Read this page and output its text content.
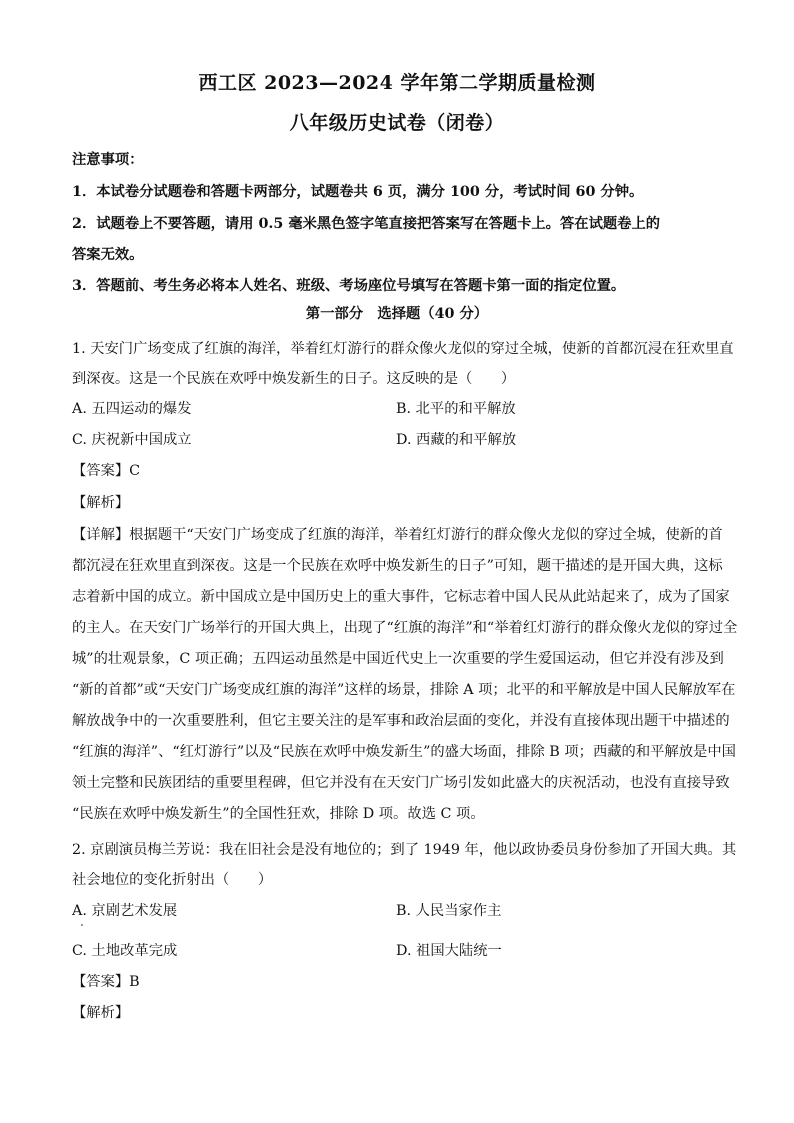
西工区 2023—2024 学年第二学期质量检测
八年级历史试卷（闭卷）
注意事项：
1．本试卷分试题卷和答题卡两部分，试题卷共 6 页，满分 100 分，考试时间 60 分钟。
2．试题卷上不要答题，请用 0.5 毫米黑色签字笔直接把答案写在答题卡上。答在试题卷上的
答案无效。
3．答题前、考生务必将本人姓名、班级、考场座位号填写在答题卡第一面的指定位置。
第一部分　选择题（40 分）
1. 天安门广场变成了红旗的海洋，举着红灯游行的群众像火龙似的穿过全城，使新的首都沉浸在狂欢里直
到深夜。这是一个民族在欢呼中焕发新生的日子。这反映的是（　　）
A. 五四运动的爆发	B. 北平的和平解放
C. 庆祝新中国成立	D. 西藏的和平解放
【答案】C
【解析】
【详解】根据题干“天安门广场变成了红旗的海洋，举着红灯游行的群众像火龙似的穿过全城，使新的首
都沉浸在狂欢里直到深夜。这是一个民族在欢呼中焕发新生的日子”可知，题干描述的是开国大典，这标
志着新中国的成立。新中国成立是中国历史上的重大事件，它标志着中国人民从此站起来了，成为了国家
的主人。在天安门广场举行的开国大典上，出现了“红旗的海洋”和“举着红灯游行的群众像火龙似的穿过全
城”的壮观景象，C 项正确；五四运动虽然是中国近代史上一次重要的学生爱国运动，但它并没有涉及到
“新的首都”或“天安门广场变成红旗的海洋”这样的场景，排除 A 项；北平的和平解放是中国人民解放军在
解放战争中的一次重要胜利，但它主要关注的是军事和政治层面的变化，并没有直接体现出题干中描述的
“红旗的海洋”、“红灯游行”以及“民族在欢呼中焕发新生”的盛大场面，排除 B 项；西藏的和平解放是中国
领土完整和民族团结的重要里程碑，但它并没有在天安门广场引发如此盛大的庆祝活动，也没有直接导致
“民族在欢呼中焕发新生”的全国性狂欢，排除 D 项。故选 C 项。
2. 京剧演员梅兰芳说：我在旧社会是没有地位的；到了 1949 年，他以政协委员身份参加了开国大典。其
社会地位的变化折射出（　　）
A. 京剧艺术发展	B. 人民当家作主
C. 土地改革完成	D. 祖国大陆统一
【答案】B
【解析】
